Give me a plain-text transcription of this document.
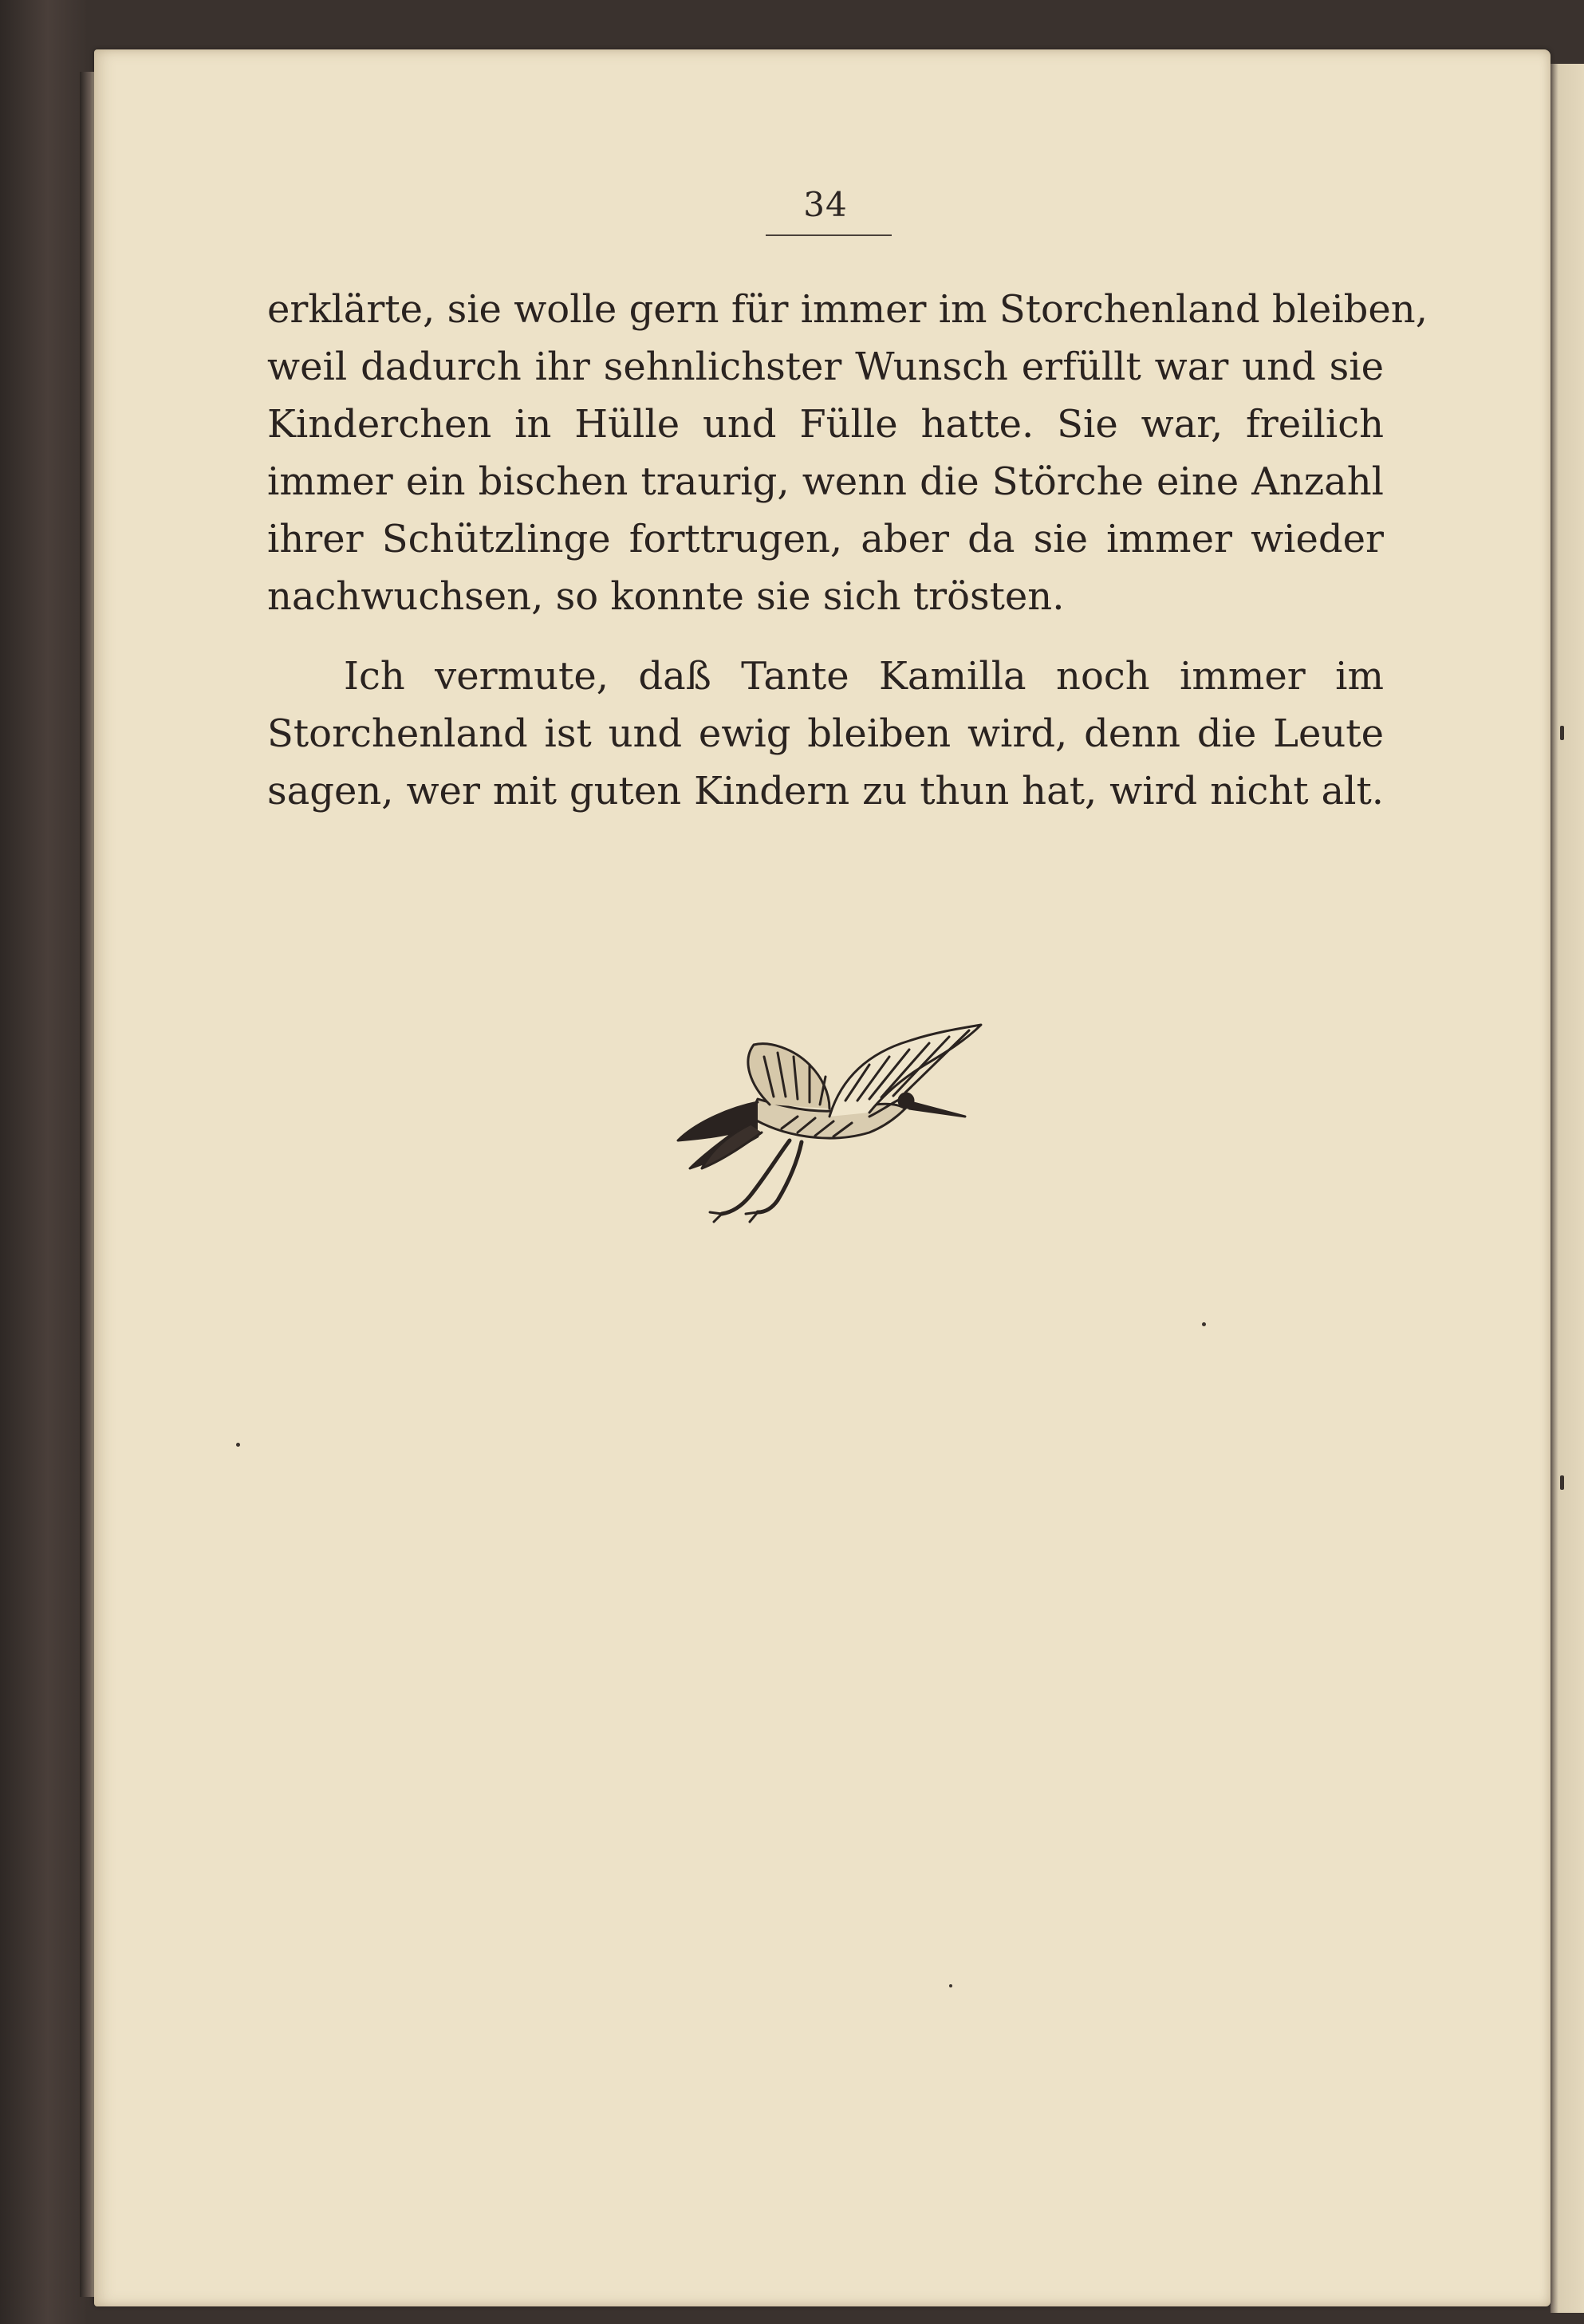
34
erklärte, sie wolle gern für immer im Storchenland bleiben,
weil dadurch ihr sehnlichster Wunsch erfüllt war und sie
Kinderchen in Hülle und Fülle hatte. Sie war, freilich
immer ein bischen traurig, wenn die Störche eine Anzahl
ihrer Schützlinge forttrugen, aber da sie immer wieder
nachwuchsen, so konnte sie sich trösten.
Ich vermute, daß Tante Kamilla noch immer im
Storchenland ist und ewig bleiben wird, denn die Leute
sagen, wer mit guten Kindern zu thun hat, wird nicht alt.
